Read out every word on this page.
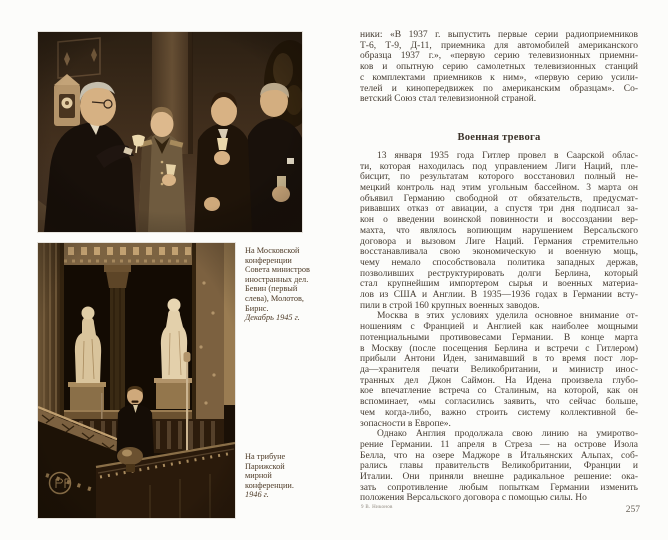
На Московской
конференции
Совета министров
иностранных дел.
Бевин (первый
слева), Молотов,
Бирнс.
Декабрь 1945 г.
На трибуне
Парижской
мирной
конференции.
1946 г.
ники: «В 1937 г. выпустить первые серии радиоприемников
Т-6, Т-9, Д-11, приемника для автомобилей американского
образца 1937 г.», «первую серию телевизионных приемни-
ков и опытную серию самолетных телевизионных станций
с комплектами приемников к ним», «первую серию усили-
телей и кинопередвижек по американским образцам». Со-
ветский Союз стал телевизионной страной.
Военная тревога
13 января 1935 года Гитлер провел в Саарской облас-
ти, которая находилась под управлением Лиги Наций, пле-
бисцит, по результатам которого восстановил полный не-
мецкий контроль над этим угольным бассейном. 3 марта он
объявил Германию свободной от обязательств, предусмат-
ривавших отказ от авиации, а спустя три дня подписал за-
кон о введении воинской повинности и воссоздании вер-
махта, что являлось вопиющим нарушением Версальского
договора и вызовом Лиге Наций. Германия стремительно
восстанавливала свою экономическую и военную мощь,
чему немало способствовала политика западных держав,
позволивших реструктурировать долги Берлина, который
стал крупнейшим импортером сырья и военных материа-
лов из США и Англии. В 1935—1936 годах в Германии всту-
пили в строй 160 крупных военных заводов.
Москва в этих условиях уделила основное внимание от-
ношениям с Францией и Англией как наиболее мощными
потенциальными противовесами Германии. В конце марта
в Москву (после посещения Берлина и встречи с Гитлером)
прибыли Антони Иден, занимавший в то время пост лор-
да—хранителя печати Великобритании, и министр инос-
транных дел Джон Саймон. На Идена произвела глубо-
кое впечатление встреча со Сталиным, на которой, как он
вспоминает, «мы согласились заявить, что сейчас больше,
чем когда-либо, важно строить систему коллективной бе-
зопасности в Европе».
Однако Англия продолжала свою линию на умиротво-
рение Германии. 11 апреля в Стреза — на острове Изола
Белла, что на озере Маджоре в Итальянских Альпах, соб-
рались главы правительств Великобритании, Франции и
Италии. Они приняли внешне радикальное решение: ока-
зать сопротивление любым попыткам Германии изменить
положения Версальского договора с помощью силы. Но
9 В. Никонов	257
